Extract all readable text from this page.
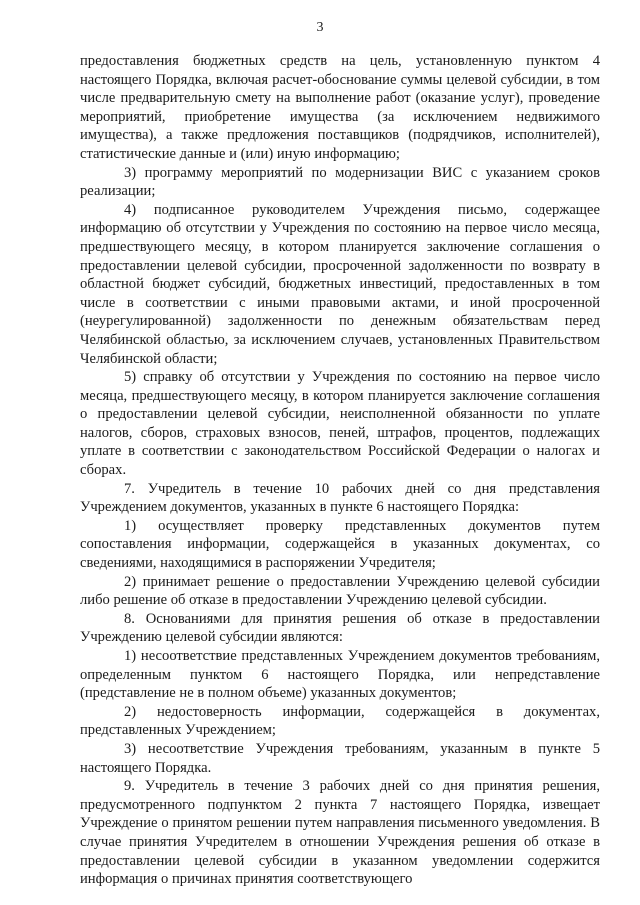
3

предоставления бюджетных средств на цель, установленную пунктом 4 настоящего Порядка, включая расчет-обоснование суммы целевой субсидии, в том числе предварительную смету на выполнение работ (оказание услуг), проведение мероприятий, приобретение имущества (за исключением недвижимого имущества), а также предложения поставщиков (подрядчиков, исполнителей), статистические данные и (или) иную информацию;

3) программу мероприятий по модернизации ВИС с указанием сроков реализации;

4) подписанное руководителем Учреждения письмо, содержащее информацию об отсутствии у Учреждения по состоянию на первое число месяца, предшествующего месяцу, в котором планируется заключение соглашения о предоставлении целевой субсидии, просроченной задолженности по возврату в областной бюджет субсидий, бюджетных инвестиций, предоставленных в том числе в соответствии с иными правовыми актами, и иной просроченной (неурегулированной) задолженности по денежным обязательствам перед Челябинской областью, за исключением случаев, установленных Правительством Челябинской области;

5) справку об отсутствии у Учреждения по состоянию на первое число месяца, предшествующего месяцу, в котором планируется заключение соглашения о предоставлении целевой субсидии, неисполненной обязанности по уплате налогов, сборов, страховых взносов, пеней, штрафов, процентов, подлежащих уплате в соответствии с законодательством Российской Федерации о налогах и сборах.

7. Учредитель в течение 10 рабочих дней со дня представления Учреждением документов, указанных в пункте 6 настоящего Порядка:

1) осуществляет проверку представленных документов путем сопоставления информации, содержащейся в указанных документах, со сведениями, находящимися в распоряжении Учредителя;

2) принимает решение о предоставлении Учреждению целевой субсидии либо решение об отказе в предоставлении Учреждению целевой субсидии.

8. Основаниями для принятия решения об отказе в предоставлении Учреждению целевой субсидии являются:

1) несоответствие представленных Учреждением документов требованиям, определенным пунктом 6 настоящего Порядка, или непредставление (представление не в полном объеме) указанных документов;

2) недостоверность информации, содержащейся в документах, представленных Учреждением;

3) несоответствие Учреждения требованиям, указанным в пункте 5 настоящего Порядка.

9. Учредитель в течение 3 рабочих дней со дня принятия решения, предусмотренного подпунктом 2 пункта 7 настоящего Порядка, извещает Учреждение о принятом решении путем направления письменного уведомления. В случае принятия Учредителем в отношении Учреждения решения об отказе в предоставлении целевой субсидии в указанном уведомлении содержится информация о причинах принятия соответствующего
